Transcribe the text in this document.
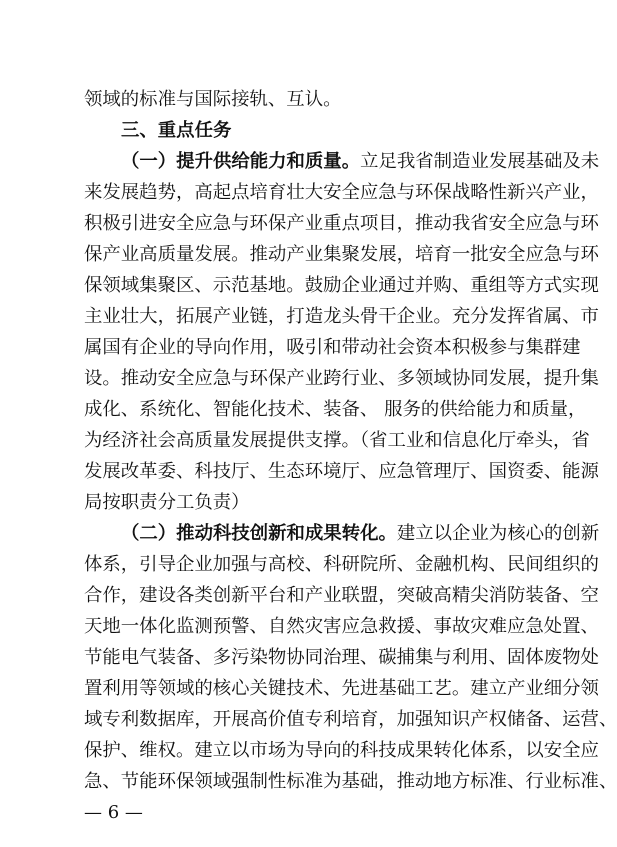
领域的标准与国际接轨、互认。
三、重点任务
（一）提升供给能力和质量。立足我省制造业发展基础及未
来发展趋势，高起点培育壮大安全应急与环保战略性新兴产业，
积极引进安全应急与环保产业重点项目，推动我省安全应急与环
保产业高质量发展。推动产业集聚发展，培育一批安全应急与环
保领域集聚区、示范基地。鼓励企业通过并购、重组等方式实现
主业壮大，拓展产业链，打造龙头骨干企业。充分发挥省属、市
属国有企业的导向作用，吸引和带动社会资本积极参与集群建
设。推动安全应急与环保产业跨行业、多领域协同发展，提升集
成化、系统化、智能化技术、装备、 服务的供给能力和质量，
为经济社会高质量发展提供支撑。（省工业和信息化厅牵头，省
发展改革委、科技厅、生态环境厅、应急管理厅、国资委、能源
局按职责分工负责）
（二）推动科技创新和成果转化。建立以企业为核心的创新
体系，引导企业加强与高校、科研院所、金融机构、民间组织的
合作，建设各类创新平台和产业联盟，突破高精尖消防装备、空
天地一体化监测预警、自然灾害应急救援、事故灾难应急处置、
节能电气装备、多污染物协同治理、碳捕集与利用、固体废物处
置利用等领域的核心关键技术、先进基础工艺。建立产业细分领
域专利数据库，开展高价值专利培育，加强知识产权储备、运营、
保护、维权。建立以市场为导向的科技成果转化体系，以安全应
急、节能环保领域强制性标准为基础，推动地方标准、行业标准、
— 6 —
